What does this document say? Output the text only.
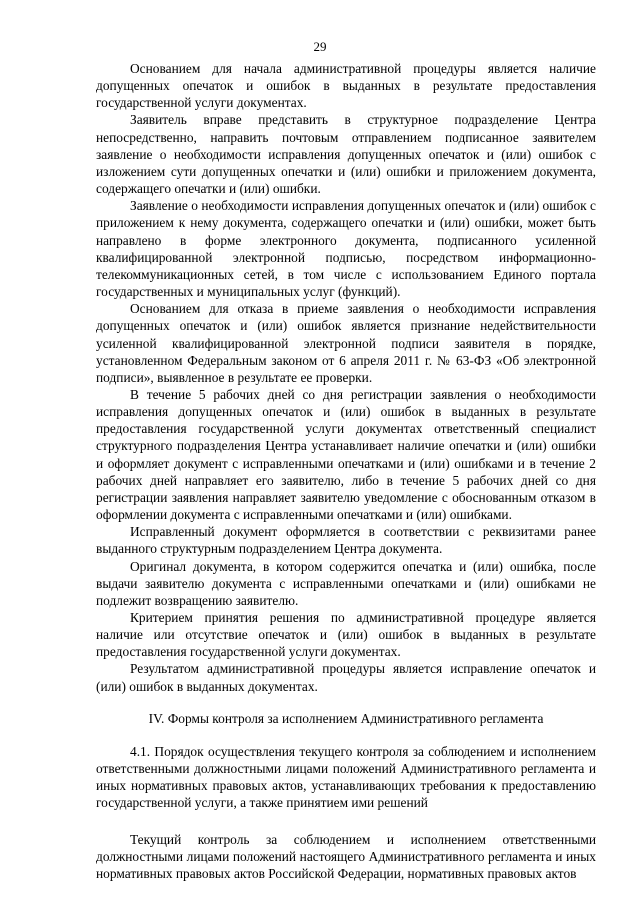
29

Основанием для начала административной процедуры является наличие допущенных опечаток и ошибок в выданных в результате предоставления государственной услуги документах.

Заявитель вправе представить в структурное подразделение Центра непосредственно, направить почтовым отправлением подписанное заявителем заявление о необходимости исправления допущенных опечаток и (или) ошибок с изложением сути допущенных опечатки и (или) ошибки и приложением документа, содержащего опечатки и (или) ошибки.

Заявление о необходимости исправления допущенных опечаток и (или) ошибок с приложением к нему документа, содержащего опечатки и (или) ошибки, может быть направлено в форме электронного документа, подписанного усиленной квалифицированной электронной подписью, посредством информационно-телекоммуникационных сетей, в том числе с использованием Единого портала государственных и муниципальных услуг (функций).

Основанием для отказа в приеме заявления о необходимости исправления допущенных опечаток и (или) ошибок является признание недействительности усиленной квалифицированной электронной подписи заявителя в порядке, установленном Федеральным законом от 6 апреля 2011 г. № 63-ФЗ «Об электронной подписи», выявленное в результате ее проверки.

В течение 5 рабочих дней со дня регистрации заявления о необходимости исправления допущенных опечаток и (или) ошибок в выданных в результате предоставления государственной услуги документах ответственный специалист структурного подразделения Центра устанавливает наличие опечатки и (или) ошибки и оформляет документ с исправленными опечатками и (или) ошибками и в течение 2 рабочих дней направляет его заявителю, либо в течение 5 рабочих дней со дня регистрации заявления направляет заявителю уведомление с обоснованным отказом в оформлении документа с исправленными опечатками и (или) ошибками.

Исправленный документ оформляется в соответствии с реквизитами ранее выданного структурным подразделением Центра документа.

Оригинал документа, в котором содержится опечатка и (или) ошибка, после выдачи заявителю документа с исправленными опечатками и (или) ошибками не подлежит возвращению заявителю.

Критерием принятия решения по административной процедуре является наличие или отсутствие опечаток и (или) ошибок в выданных в результате предоставления государственной услуги документах.

Результатом административной процедуры является исправление опечаток и (или) ошибок в выданных документах.

IV. Формы контроля за исполнением Административного регламента

4.1. Порядок осуществления текущего контроля за соблюдением и исполнением ответственными должностными лицами положений Административного регламента и иных нормативных правовых актов, устанавливающих требования к предоставлению государственной услуги, а также принятием ими решений

Текущий контроль за соблюдением и исполнением ответственными должностными лицами положений настоящего Административного регламента и иных нормативных правовых актов Российской Федерации, нормативных правовых актов
